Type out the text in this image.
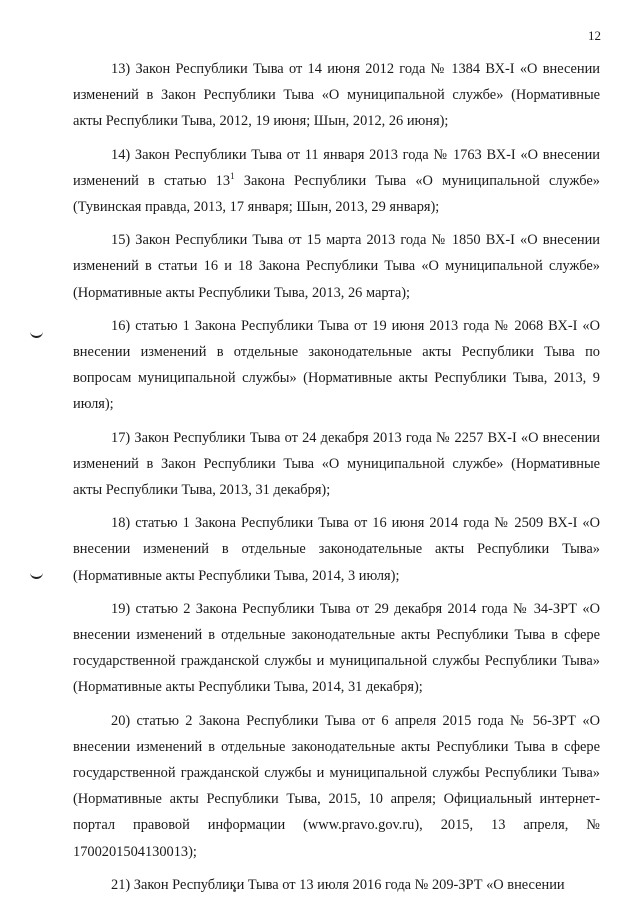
12

13) Закон Республики Тыва от 14 июня 2012 года № 1384 ВХ-I «О внесении изменений в Закон Республики Тыва «О муниципальной службе» (Нормативные акты Республики Тыва, 2012, 19 июня; Шын, 2012, 26 июня);

14) Закон Республики Тыва от 11 января 2013 года № 1763 ВХ-I «О внесении изменений в статью $13^1$ Закона Республики Тыва «О муниципальной службе» (Тувинская правда, 2013, 17 января; Шын, 2013, 29 января);

15) Закон Республики Тыва от 15 марта 2013 года № 1850 ВХ-I «О внесении изменений в статьи 16 и 18 Закона Республики Тыва «О муниципальной службе» (Нормативные акты Республики Тыва, 2013, 26 марта);

16) статью 1 Закона Республики Тыва от 19 июня 2013 года № 2068 ВХ-I «О внесении изменений в отдельные законодательные акты Республики Тыва по вопросам муниципальной службы» (Нормативные акты Республики Тыва, 2013, 9 июля);

17) Закон Республики Тыва от 24 декабря 2013 года № 2257 ВХ-I «О внесении изменений в Закон Республики Тыва «О муниципальной службе» (Нормативные акты Республики Тыва, 2013, 31 декабря);

18) статью 1 Закона Республики Тыва от 16 июня 2014 года № 2509 ВХ-I «О внесении изменений в отдельные законодательные акты Республики Тыва» (Нормативные акты Республики Тыва, 2014, 3 июля);

19) статью 2 Закона Республики Тыва от 29 декабря 2014 года № 34-ЗРТ «О внесении изменений в отдельные законодательные акты Республики Тыва в сфере государственной гражданской службы и муниципальной службы Республики Тыва» (Нормативные акты Республики Тыва, 2014, 31 декабря);

20) статью 2 Закона Республики Тыва от 6 апреля 2015 года № 56-ЗРТ «О внесении изменений в отдельные законодательные акты Республики Тыва в сфере государственной гражданской службы и муниципальной службы Республики Тыва» (Нормативные акты Республики Тыва, 2015, 10 апреля; Официальный интернет-портал правовой информации (www.pravo.gov.ru), 2015, 13 апреля, № 1700201504130013);

21) Закон Республики Тыва от 13 июля 2016 года № 209-ЗРТ «О внесении
